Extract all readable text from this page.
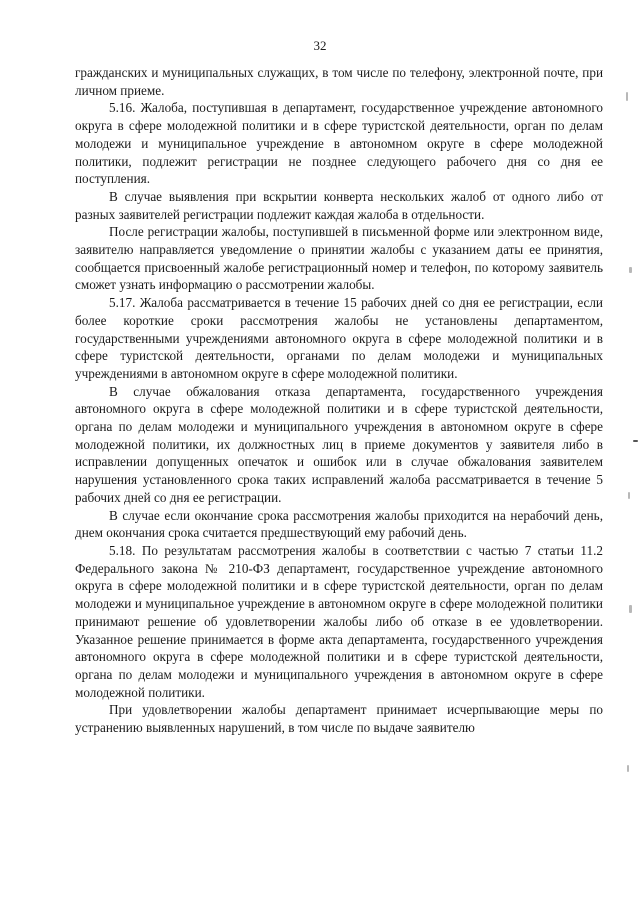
32

гражданских и муниципальных служащих, в том числе по телефону, электронной почте, при личном приеме.

5.16. Жалоба, поступившая в департамент, государственное учреждение автономного округа в сфере молодежной политики и в сфере туристской деятельности, орган по делам молодежи и муниципальное учреждение в автономном округе в сфере молодежной политики, подлежит регистрации не позднее следующего рабочего дня со дня ее поступления.

В случае выявления при вскрытии конверта нескольких жалоб от одного либо от разных заявителей регистрации подлежит каждая жалоба в отдельности.

После регистрации жалобы, поступившей в письменной форме или электронном виде, заявителю направляется уведомление о принятии жалобы с указанием даты ее принятия, сообщается присвоенный жалобе регистрационный номер и телефон, по которому заявитель сможет узнать информацию о рассмотрении жалобы.

5.17. Жалоба рассматривается в течение 15 рабочих дней со дня ее регистрации, если более короткие сроки рассмотрения жалобы не установлены департаментом, государственными учреждениями автономного округа в сфере молодежной политики и в сфере туристской деятельности, органами по делам молодежи и муниципальных учреждениями в автономном округе в сфере молодежной политики.

В случае обжалования отказа департамента, государственного учреждения автономного округа в сфере молодежной политики и в сфере туристской деятельности, органа по делам молодежи и муниципального учреждения в автономном округе в сфере молодежной политики, их должностных лиц в приеме документов у заявителя либо в исправлении допущенных опечаток и ошибок или в случае обжалования заявителем нарушения установленного срока таких исправлений жалоба рассматривается в течение 5 рабочих дней со дня ее регистрации.

В случае если окончание срока рассмотрения жалобы приходится на нерабочий день, днем окончания срока считается предшествующий ему рабочий день.

5.18. По результатам рассмотрения жалобы в соответствии с частью 7 статьи 11.2 Федерального закона № 210-ФЗ департамент, государственное учреждение автономного округа в сфере молодежной политики и в сфере туристской деятельности, орган по делам молодежи и муниципальное учреждение в автономном округе в сфере молодежной политики принимают решение об удовлетворении жалобы либо об отказе в ее удовлетворении. Указанное решение принимается в форме акта департамента, государственного учреждения автономного округа в сфере молодежной политики и в сфере туристской деятельности, органа по делам молодежи и муниципального учреждения в автономном округе в сфере молодежной политики.

При удовлетворении жалобы департамент принимает исчерпывающие меры по устранению выявленных нарушений, в том числе по выдаче заявителю
